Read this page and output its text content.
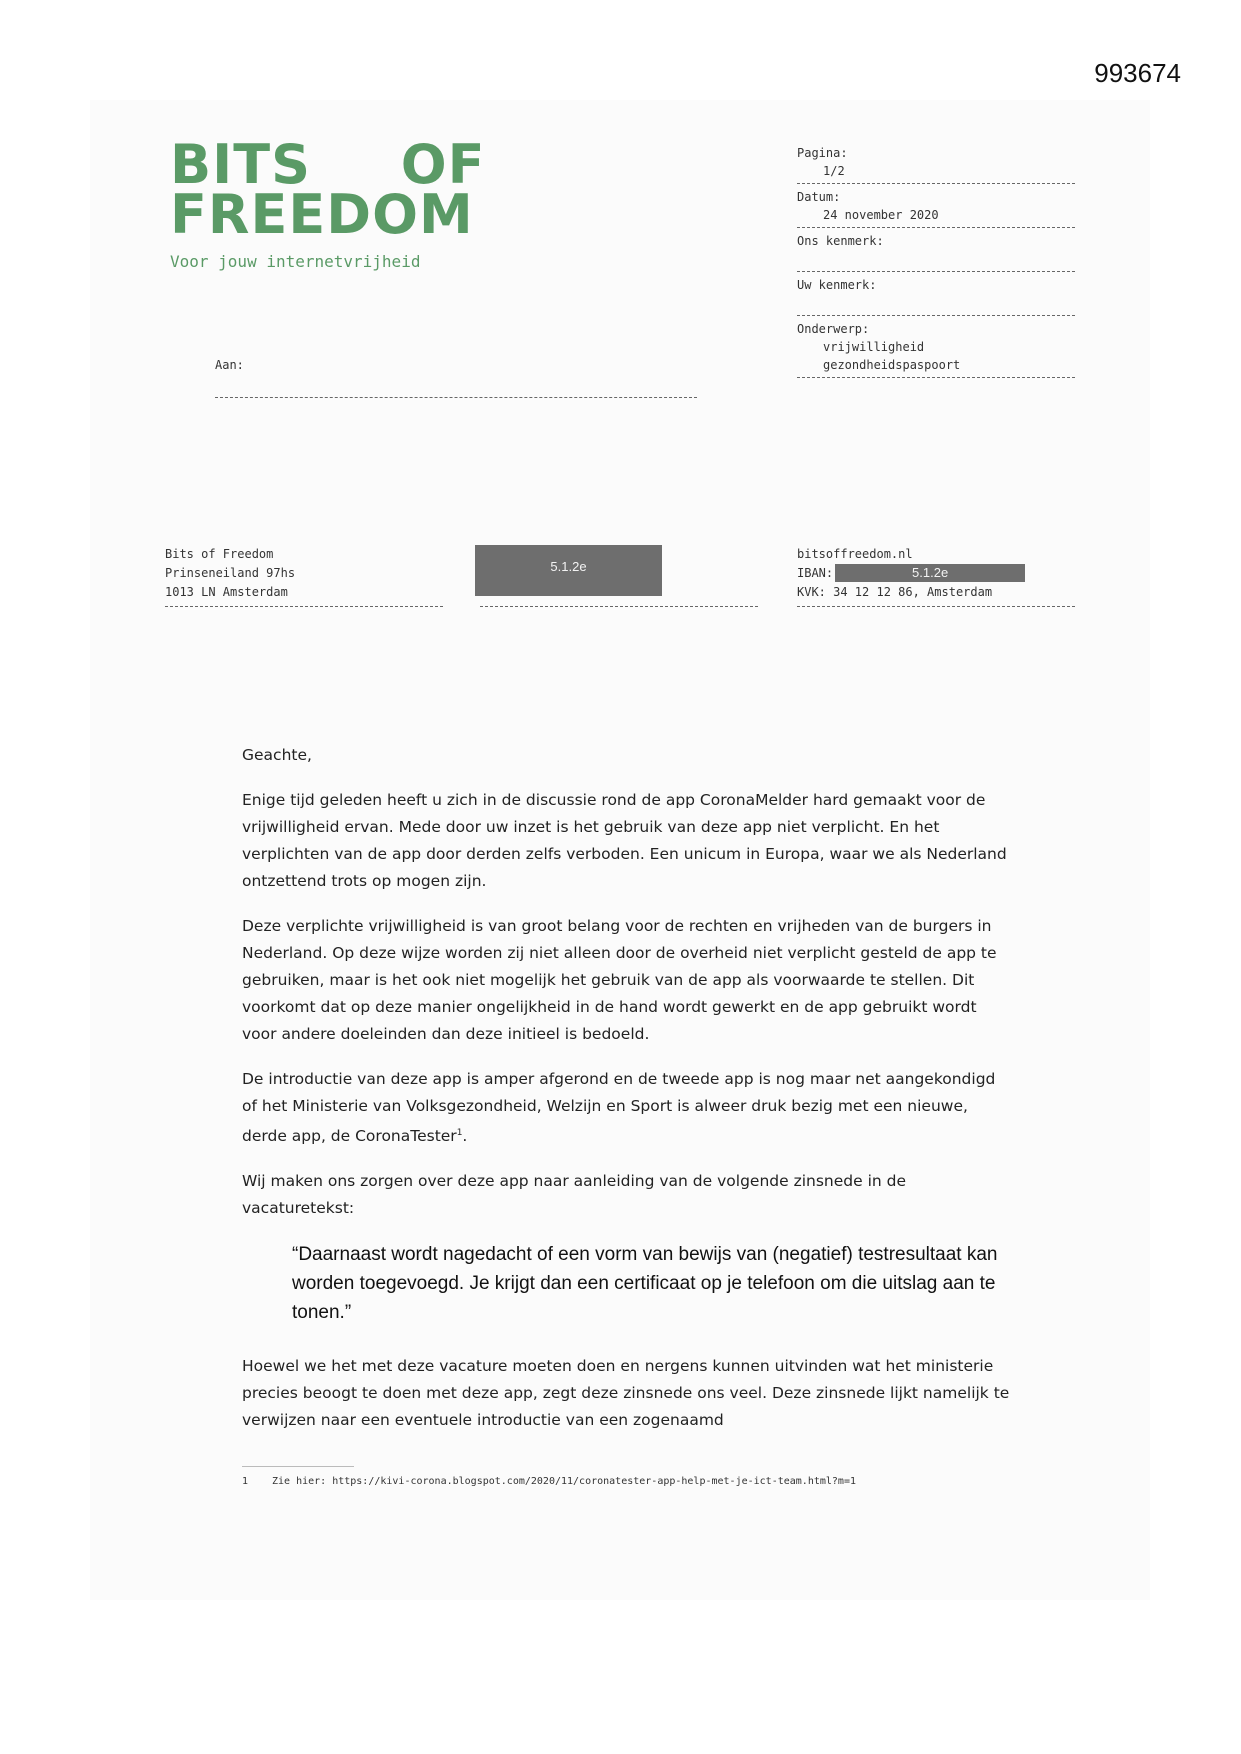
993674
BITS OF
FREEDOM
Voor jouw internetvrijheid
Pagina:
1/2
Datum:
24 november 2020
Ons kenmerk:
Uw kenmerk:
Onderwerp:
vrijwilligheid
gezondheidspaspoort
Aan:
Bits of Freedom
Prinseneiland 97hs
1013 LN Amsterdam
5.1.2e
bitsoffreedom.nl
IBAN:	5.1.2e
KVK: 34 12 12 86, Amsterdam

Geachte,

Enige tijd geleden heeft u zich in de discussie rond de app CoronaMelder hard gemaakt voor de vrijwilligheid ervan. Mede door uw inzet is het gebruik van deze app niet verplicht. En het verplichten van de app door derden zelfs verboden. Een unicum in Europa, waar we als Nederland ontzettend trots op mogen zijn.

Deze verplichte vrijwilligheid is van groot belang voor de rechten en vrijheden van de burgers in Nederland. Op deze wijze worden zij niet alleen door de overheid niet verplicht gesteld de app te gebruiken, maar is het ook niet mogelijk het gebruik van de app als voorwaarde te stellen. Dit voorkomt dat op deze manier ongelijkheid in de hand wordt gewerkt en de app gebruikt wordt voor andere doeleinden dan deze initieel is bedoeld.

De introductie van deze app is amper afgerond en de tweede app is nog maar net aangekondigd of het Ministerie van Volksgezondheid, Welzijn en Sport is alweer druk bezig met een nieuwe, derde app, de CoronaTester$^1$.

Wij maken ons zorgen over deze app naar aanleiding van de volgende zinsnede in de vacaturetekst:

“Daarnaast wordt nagedacht of een vorm van bewijs van (negatief) testresultaat kan worden toegevoegd. Je krijgt dan een certificaat op je telefoon om die uitslag aan te tonen.”

Hoewel we het met deze vacature moeten doen en nergens kunnen uitvinden wat het ministerie precies beoogt te doen met deze app, zegt deze zinsnede ons veel. Deze zinsnede lijkt namelijk te verwijzen naar een eventuele introductie van een zogenaamd

1 Zie hier: https://kivi-corona.blogspot.com/2020/11/coronatester-app-help-met-je-ict-team.html?m=1
